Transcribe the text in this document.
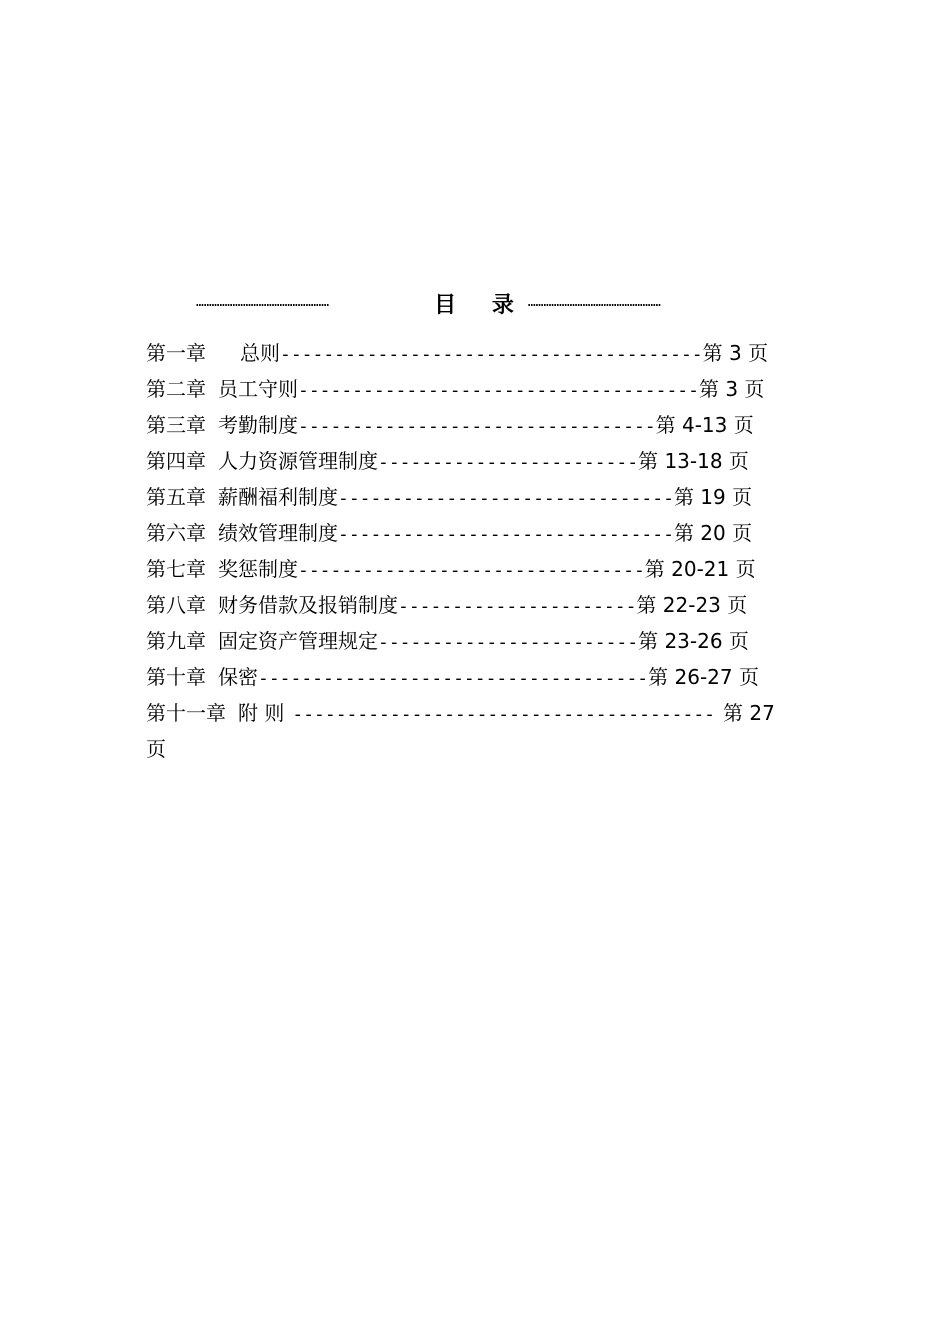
……………………………………………	目 录 ……………………………………………
第一章 总则---------------------------------------第 3 页
第二章 员工守则-------------------------------------第 3 页
第三章 考勤制度---------------------------------第 4-13 页
第四章 人力资源管理制度------------------------第 13-18 页
第五章 薪酬福利制度-------------------------------第 19 页
第六章 绩效管理制度-------------------------------第 20 页
第七章 奖惩制度--------------------------------第 20-21 页
第八章 财务借款及报销制度----------------------第 22-23 页
第九章 固定资产管理规定------------------------第 23-26 页
第十章 保密------------------------------------第 26-27 页
第十一章 附 则 --------------------------------------- 第 27
页
